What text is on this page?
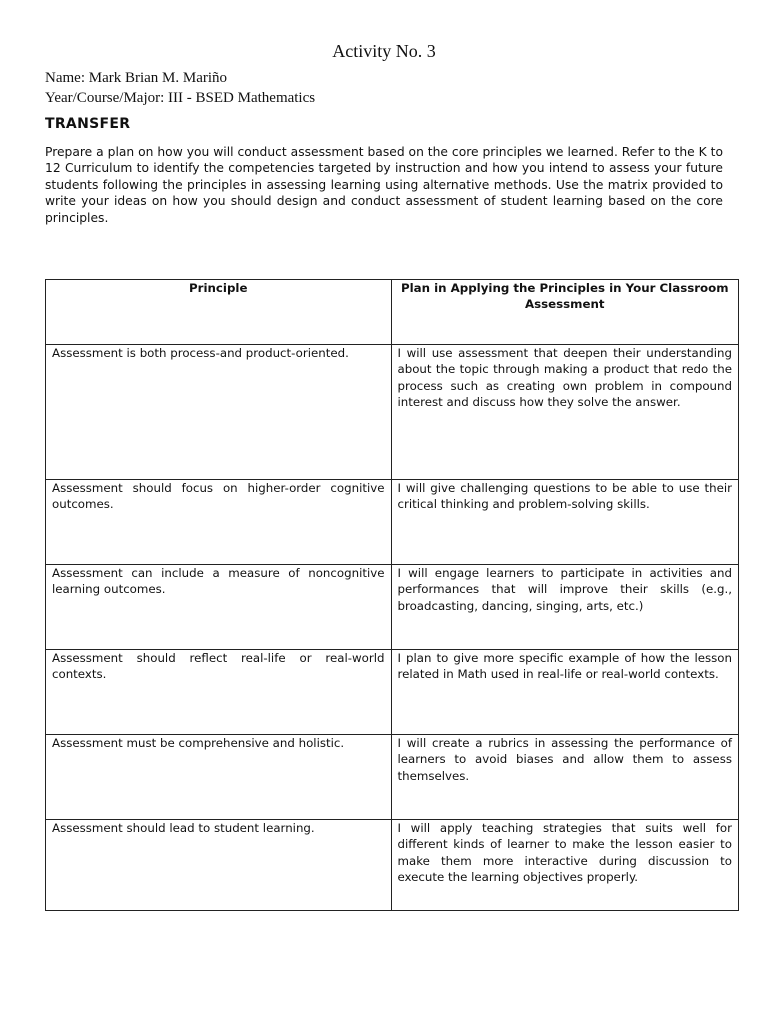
Activity No. 3
Name: Mark Brian M. Mariño
Year/Course/Major: III - BSED Mathematics
TRANSFER
Prepare a plan on how you will conduct assessment based on the core principles we learned. Refer to the K to 12 Curriculum to identify the competencies targeted by instruction and how you intend to assess your future students following the principles in assessing learning using alternative methods. Use the matrix provided to write your ideas on how you should design and conduct assessment of student learning based on the core principles.
Principle	Plan in Applying the Principles in Your Classroom Assessment
Assessment is both process-and product-oriented.	I will use assessment that deepen their understanding about the topic through making a product that redo the process such as creating own problem in compound interest and discuss how they solve the answer.
Assessment should focus on higher-order cognitive outcomes.	I will give challenging questions to be able to use their critical thinking and problem-solving skills.
Assessment can include a measure of noncognitive learning outcomes.	I will engage learners to participate in activities and performances that will improve their skills (e.g., broadcasting, dancing, singing, arts, etc.)
Assessment should reflect real-life or real-world contexts.	I plan to give more specific example of how the lesson related in Math used in real-life or real-world contexts.
Assessment must be comprehensive and holistic.	I will create a rubrics in assessing the performance of learners to avoid biases and allow them to assess themselves.
Assessment should lead to student learning.	I will apply teaching strategies that suits well for different kinds of learner to make the lesson easier to make them more interactive during discussion to execute the learning objectives properly.
